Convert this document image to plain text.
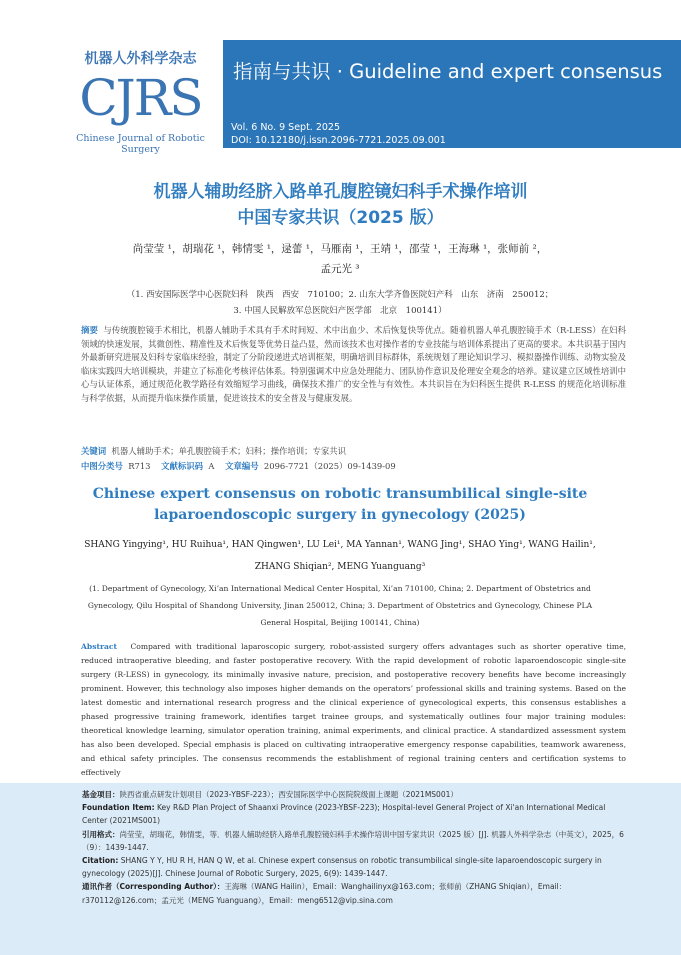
机器人外科学杂志
CJRS
Chinese Journal of Robotic Surgery
指南与共识 · Guideline and expert consensus
Vol. 6 No. 9 Sept. 2025
DOI: 10.12180/j.issn.2096-7721.2025.09.001
机器人辅助经脐入路单孔腹腔镜妇科手术操作培训
中国专家共识（2025 版）
尚莹莹 ¹，胡瑞花 ¹，韩情雯 ¹，逯蕾 ¹，马雁南 ¹，王靖 ¹，邵莹 ¹，王海琳 ¹，张师前 ²，
孟元光 ³
（1. 西安国际医学中心医院妇科　陕西　西安　710100；2. 山东大学齐鲁医院妇产科　山东　济南　250012；
3. 中国人民解放军总医院妇产医学部　北京　100141）
摘要 与传统腹腔镜手术相比，机器人辅助手术具有手术时间短、术中出血少、术后恢复快等优点。随着机器人单孔腹腔镜手术（R-LESS）在妇科领域的快速发展，其微创性、精准性及术后恢复等优势日益凸显，然而该技术也对操作者的专业技能与培训体系提出了更高的要求。本共识基于国内外最新研究进展及妇科专家临床经验，制定了分阶段递进式培训框架，明确培训目标群体，系统规划了理论知识学习、模拟器操作训练、动物实验及临床实践四大培训模块，并建立了标准化考核评估体系。特别强调术中应急处理能力、团队协作意识及伦理安全观念的培养。建议建立区域性培训中心与认证体系，通过规范化教学路径有效缩短学习曲线，确保技术推广的安全性与有效性。本共识旨在为妇科医生提供 R-LESS 的规范化培训标准与科学依据，从而提升临床操作质量，促进该技术的安全普及与健康发展。
关键词 机器人辅助手术；单孔腹腔镜手术；妇科；操作培训；专家共识
中图分类号 R713 文献标识码 A 文章编号 2096-7721（2025）09-1439-09
Chinese expert consensus on robotic transumbilical single-site
laparoendoscopic surgery in gynecology (2025)
SHANG Yingying¹, HU Ruihua¹, HAN Qingwen¹, LU Lei¹, MA Yannan¹, WANG Jing¹, SHAO Ying¹, WANG Hailin¹,
ZHANG Shiqian², MENG Yuanguang³
(1. Department of Gynecology, Xi’an International Medical Center Hospital, Xi’an 710100, China; 2. Department of Obstetrics and
Gynecology, Qilu Hospital of Shandong University, Jinan 250012, China; 3. Department of Obstetrics and Gynecology, Chinese PLA
General Hospital, Beijing 100141, China)
Abstract Compared with traditional laparoscopic surgery, robot-assisted surgery offers advantages such as shorter operative time, reduced intraoperative bleeding, and faster postoperative recovery. With the rapid development of robotic laparoendoscopic single-site surgery (R-LESS) in gynecology, its minimally invasive nature, precision, and postoperative recovery benefits have become increasingly prominent. However, this technology also imposes higher demands on the operators’ professional skills and training systems. Based on the latest domestic and international research progress and the clinical experience of gynecological experts, this consensus establishes a phased progressive training framework, identifies target trainee groups, and systematically outlines four major training modules: theoretical knowledge learning, simulator operation training, animal experiments, and clinical practice. A standardized assessment system has also been developed. Special emphasis is placed on cultivating intraoperative emergency response capabilities, teamwork awareness, and ethical safety principles. The consensus recommends the establishment of regional training centers and certification systems to effectively
基金项目：陕西省重点研发计划项目（2023-YBSF-223）；西安国际医学中心医院院级面上课题（2021MS001）
Foundation Item: Key R&D Plan Project of Shaanxi Province (2023-YBSF-223); Hospital-level General Project of Xi'an International Medical Center (2021MS001)
引用格式：尚莹莹，胡瑞花，韩情雯，等．机器人辅助经脐入路单孔腹腔镜妇科手术操作培训中国专家共识（2025 版）[J]. 机器人外科学杂志（中英文），2025，6（9）：1439-1447.
Citation: SHANG Y Y, HU R H, HAN Q W, et al. Chinese expert consensus on robotic transumbilical single-site laparoendoscopic surgery in gynecology (2025)[J]. Chinese Journal of Robotic Surgery, 2025, 6(9): 1439-1447.
通讯作者（Corresponding Author）：王海琳（WANG Hailin），Email：Wanghailinyx@163.com；张师前（ZHANG Shiqian），Email：r370112@126.com；孟元光（MENG Yuanguang），Email：meng6512@vip.sina.com
